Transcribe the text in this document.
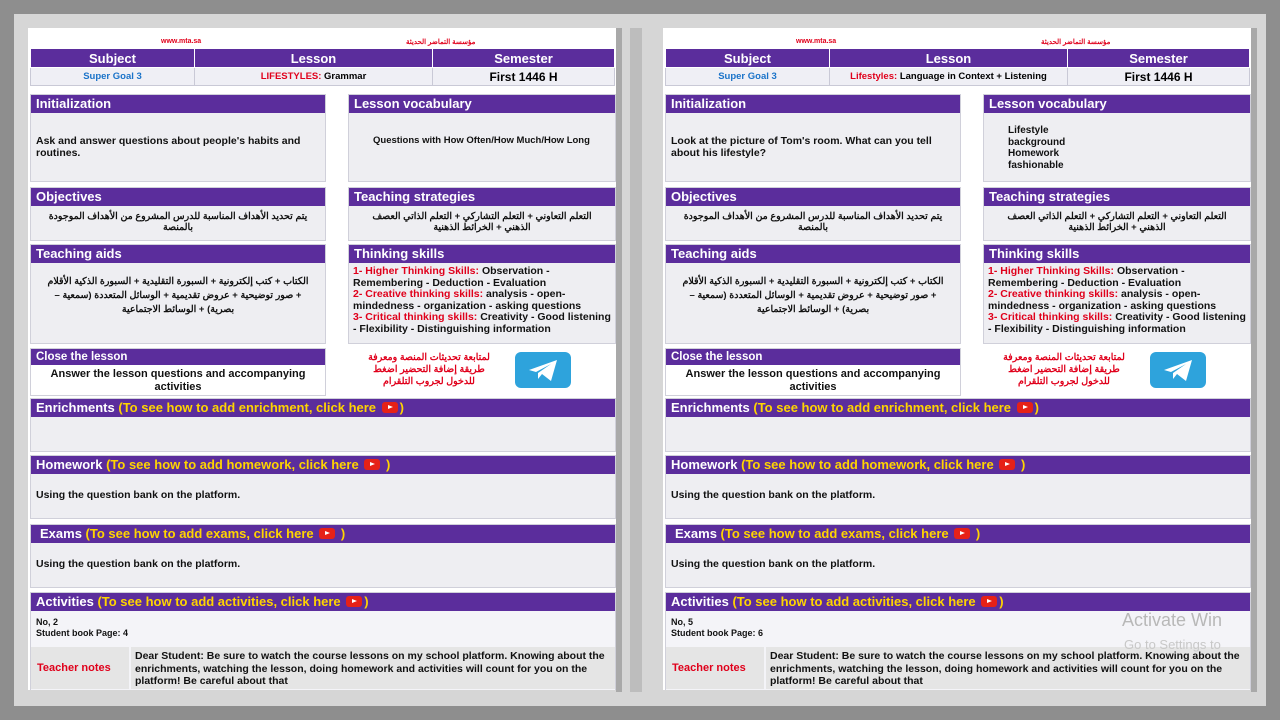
www.mta.sa	مؤسسة التماضر الحديثة
Subject	Lesson	Semester
Super Goal 3	LIFESTYLES: Grammar	First 1446 H
Initialization
Ask and answer questions about people's habits and routines.
Lesson vocabulary
Questions with How Often/How Much/How Long
Objectives
يتم تحديد الأهداف المناسبة للدرس المشروع من الأهداف الموجودة بالمنصة
Teaching strategies
التعلم التعاوني + التعلم التشاركي + التعلم الذاتي العصف الذهني + الخرائط الذهنية
Teaching aids
الكتاب + كتب إلكترونية + السبورة التقليدية + السبورة الذكية الأقلام + صور توضيحية + عروض تقديمية + الوسائل المتعددة (سمعية – بصرية) + الوسائط الاجتماعية
Thinking skills
1- Higher Thinking Skills: Observation - Remembering - Deduction - Evaluation
2- Creative thinking skills: analysis - open-mindedness - organization - asking questions
3- Critical thinking skills: Creativity - Good listening - Flexibility - Distinguishing information
Close the lesson
Answer the lesson questions and accompanying activities
لمتابعة تحديثات المنصة ومعرفة طريقة إضافة التحضير اضغط للدخول لجروب التلقرام
Enrichments (To see how to add enrichment, click here )
Homework (To see how to add homework, click here )
Using the question bank on the platform.
Exams (To see how to add exams, click here )
Using the question bank on the platform.
Activities (To see how to add activities, click here )
No, 2
Student book Page: 4
Teacher notes
Dear Student: Be sure to watch the course lessons on my school platform. Knowing about the enrichments, watching the lesson, doing homework and activities will count for you on the platform! Be careful about that
www.mta.sa	مؤسسة التماضر الحديثة
Subject	Lesson	Semester
Super Goal 3	Lifestyles: Language in Context + Listening	First 1446 H
Initialization
Look at the picture of Tom's room. What can you tell about his lifestyle?
Lesson vocabulary
Lifestyle background Homework fashionable
Objectives
يتم تحديد الأهداف المناسبة للدرس المشروع من الأهداف الموجودة بالمنصة
Teaching strategies
التعلم التعاوني + التعلم التشاركي + التعلم الذاتي العصف الذهني + الخرائط الذهنية
Teaching aids
الكتاب + كتب إلكترونية + السبورة التقليدية + السبورة الذكية الأقلام + صور توضيحية + عروض تقديمية + الوسائل المتعددة (سمعية – بصرية) + الوسائط الاجتماعية
Thinking skills
1- Higher Thinking Skills: Observation - Remembering - Deduction - Evaluation
2- Creative thinking skills: analysis - open-mindedness - organization - asking questions
3- Critical thinking skills: Creativity - Good listening - Flexibility - Distinguishing information
Close the lesson
Answer the lesson questions and accompanying activities
لمتابعة تحديثات المنصة ومعرفة طريقة إضافة التحضير اضغط للدخول لجروب التلقرام
Enrichments (To see how to add enrichment, click here )
Homework (To see how to add homework, click here )
Using the question bank on the platform.
Exams (To see how to add exams, click here )
Using the question bank on the platform.
Activities (To see how to add activities, click here )
No, 5
Student book Page: 6
Teacher notes
Dear Student: Be sure to watch the course lessons on my school platform. Knowing about the enrichments, watching the lesson, doing homework and activities will count for you on the platform! Be careful about that
Activate Win
Go to Settings to
